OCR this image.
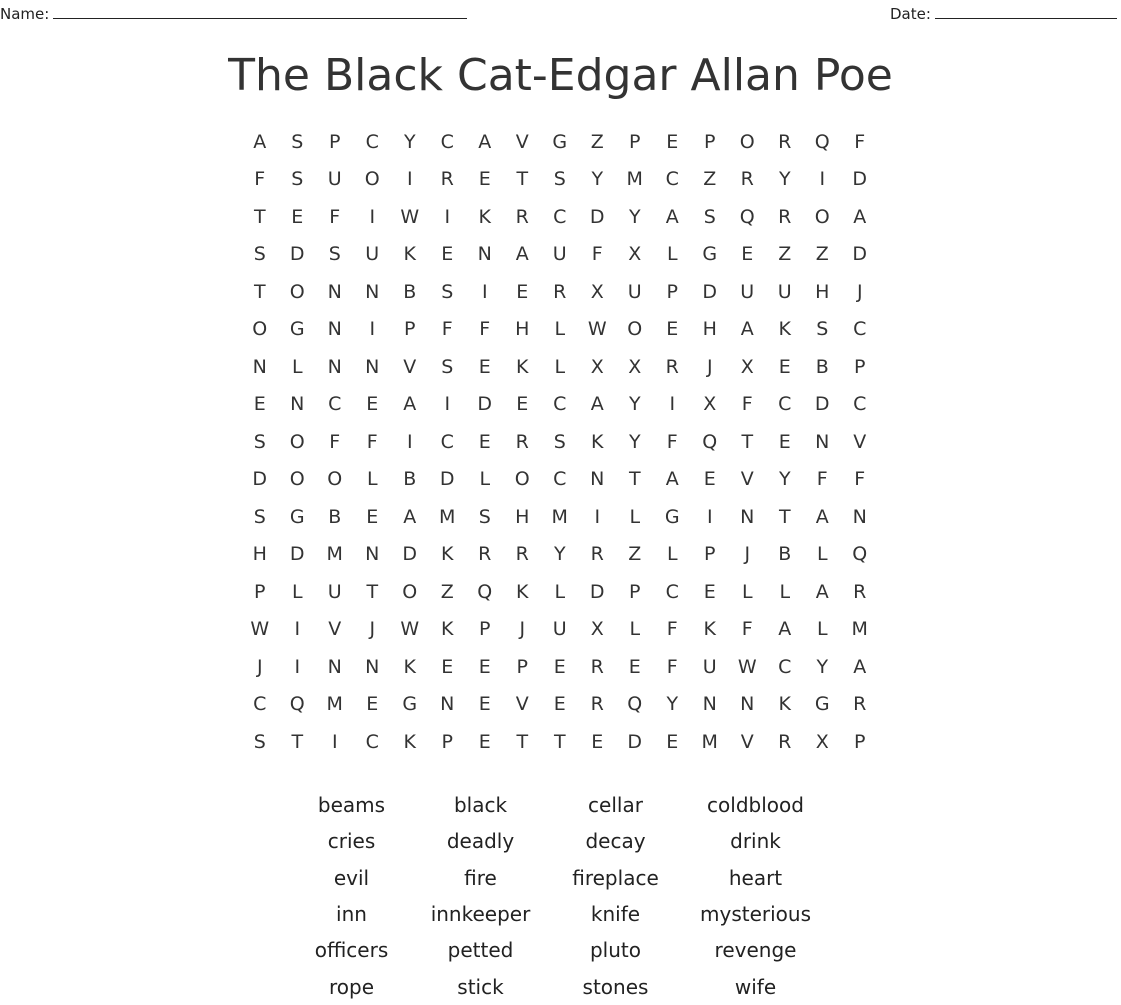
Name:	Date:
The Black Cat-Edgar Allan Poe
A	S	P	C	Y	C	A	V	G	Z	P	E	P	O	R	Q	F
F	S	U	O	I	R	E	T	S	Y	M	C	Z	R	Y	I	D
T	E	F	I	W	I	K	R	C	D	Y	A	S	Q	R	O	A
S	D	S	U	K	E	N	A	U	F	X	L	G	E	Z	Z	D
T	O	N	N	B	S	I	E	R	X	U	P	D	U	U	H	J
O	G	N	I	P	F	F	H	L	W	O	E	H	A	K	S	C
N	L	N	N	V	S	E	K	L	X	X	R	J	X	E	B	P
E	N	C	E	A	I	D	E	C	A	Y	I	X	F	C	D	C
S	O	F	F	I	C	E	R	S	K	Y	F	Q	T	E	N	V
D	O	O	L	B	D	L	O	C	N	T	A	E	V	Y	F	F
S	G	B	E	A	M	S	H	M	I	L	G	I	N	T	A	N
H	D	M	N	D	K	R	R	Y	R	Z	L	P	J	B	L	Q
P	L	U	T	O	Z	Q	K	L	D	P	C	E	L	L	A	R
W	I	V	J	W	K	P	J	U	X	L	F	K	F	A	L	M
J	I	N	N	K	E	E	P	E	R	E	F	U	W	C	Y	A
C	Q	M	E	G	N	E	V	E	R	Q	Y	N	N	K	G	R
S	T	I	C	K	P	E	T	T	E	D	E	M	V	R	X	P
beams	black	cellar	coldblood
cries	deadly	decay	drink
evil	fire	fireplace	heart
inn	innkeeper	knife	mysterious
officers	petted	pluto	revenge
rope	stick	stones	wife
